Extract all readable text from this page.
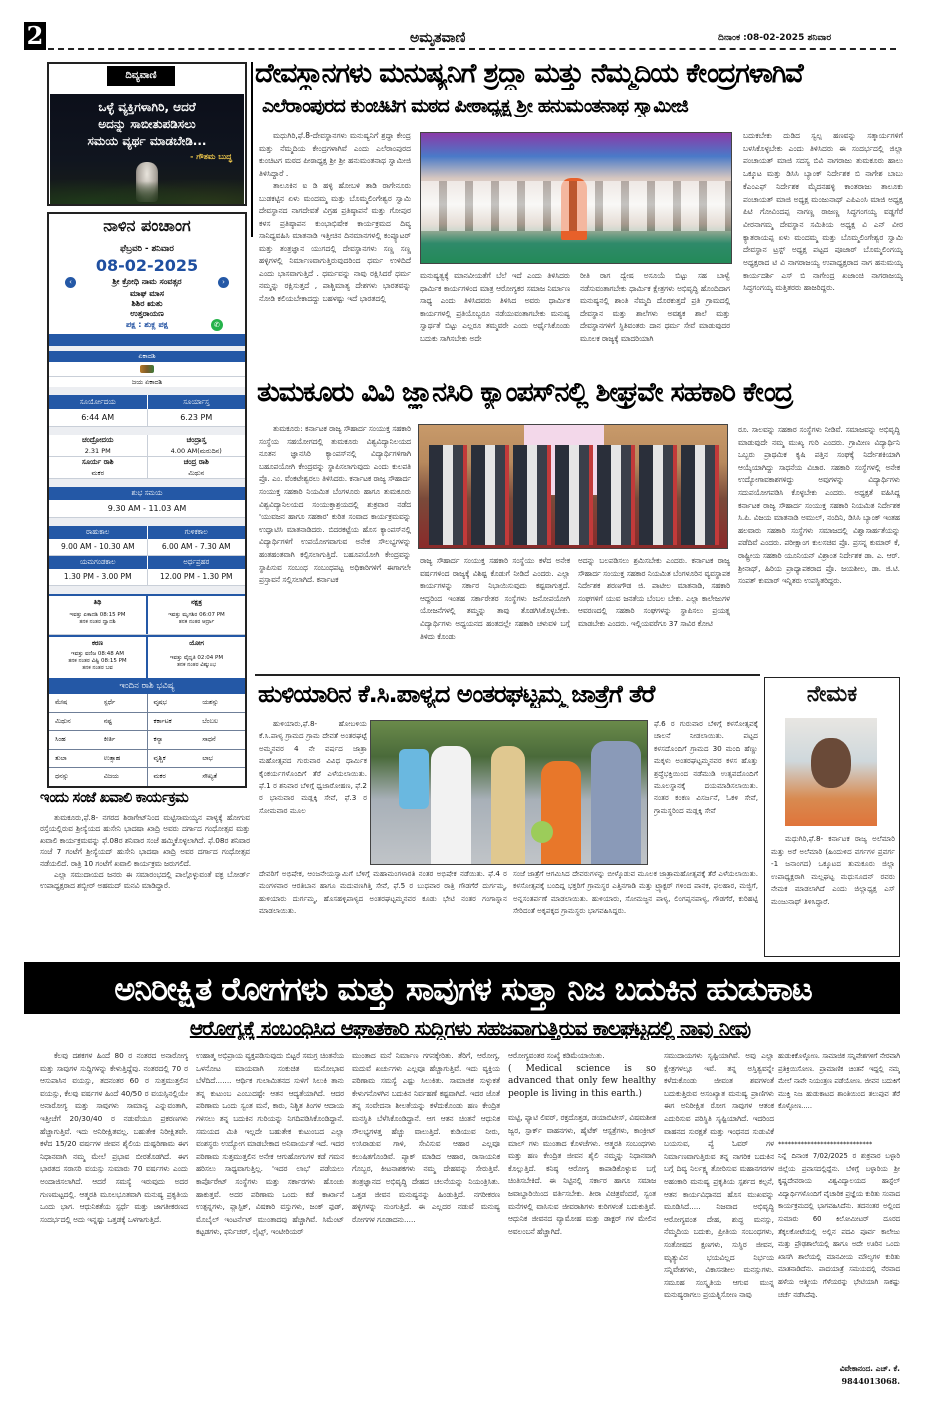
2	ಅಮೃತವಾಣಿ	ದಿನಾಂಕ :08-02-2025 ಶನಿವಾರ
ದಿವ್ಯವಾಣಿ
ಒಳ್ಳೆ ವ್ಯಕ್ತಿಗಳಾಗಿರಿ, ಆದರೆ
ಅದನ್ನು ಸಾಬೀತುಪಡಿಸಲು
ಸಮಯ ವ್ಯರ್ಥ ಮಾಡಬೇಡಿ...
- ಗೌತಮ ಬುದ್ಧ
ನಾಳಿನ ಪಂಚಾಂಗ
ಫೆಬ್ರವರಿ - ಶನಿವಾರ
08-02-2025
‹	ಶ್ರೀ ಕ್ರೋಧಿ ನಾಮ ಸಂವತ್ಸರ	›
ಮಾಘ ಮಾಸ
ಶಿಶಿರ ಋತು
ಉತ್ತರಾಯಣ
ಪಕ್ಷ : ಶುಕ್ಲ ಪಕ್ಷ	✆
ಏಕಾದಶಿ
ಜಯ ಏಕಾದಶಿ
ಸೂರ್ಯೋದಯ	ಸೂರ್ಯಾಸ್ತ
6:44 AM	6.23 PM
ಚಂದ್ರೋದಯ
2.31 PM
ಚಂದ್ರಾಸ್ತ
4.00 AM(ಮರುದಿನ)
ಸೂರ್ಯ ರಾಶಿ
ಮಕರ
ಚಂದ್ರ ರಾಶಿ
ಮಿಥುನ
ಶುಭ ಸಮಯ
9.30 AM - 11.03 AM
ರಾಹುಕಾಲ	ಗುಳಿಕಕಾಲ
9.00 AM - 10.30 AM	6.00 AM - 7.30 AM
ಯಮಗಂಡಕಾಲ	ಅರ್ಧಪ್ರಹರ
1.30 PM - 3.00 PM	12.00 PM - 1.30 PM
ತಿಥಿ
ಇವತ್ತು ಏಕಾದಶಿ 08:15 PM
ತನಕ ನಂತರ ದ್ವಾದಶಿ
ನಕ್ಷತ್ರ
ಇವತ್ತು ಮೃಗಶಿರ 06:07 PM
ತನಕ ನಂತರ ಆರ್ದ್ರಾ
ಕರಣ
ಇವತ್ತು ವಣಿಜ 08:48 AM
ತನಕ ನಂತರ ವಿಷ್ಟಿ 08:15 PM
ತನಕ ನಂತರ ಬವ
ಯೋಗ
ಇವತ್ತು ವೈಧೃತಿ 02:04 PM
ತನಕ ನಂತರ ವಿಷ್ಕುಂಭ
ಇಂದಿನ ರಾಶಿ ಭವಿಷ್ಯ
ಮೇಷ	ಸ್ಪರ್ಧೆ	ವೃಷಭ	ಯಶಸ್ಸು
ಮಿಥುನ	ನಷ್ಟ	ಕರ್ಕಾಟಕ	ಬೆಂಬಲ
ಸಿಂಹ	ಕೀರ್ತಿ	ಕನ್ಯಾ	ಸಾಧನೆ
ತುಲಾ	ಉತ್ಸಾಹ	ವೃಶ್ಚಿಕ	ಲಾಭ
ಧನಸ್ಸು	ವಿಜಯ	ಮಕರ	ಸೌಖ್ಯತೆ
ಇಂದು ಸಂಜೆ ಖವಾಲಿ ಕಾರ್ಯಕ್ರಮ

ತುಮಕೂರು,ಫೆ.8- ನಗರದ ಶಿರಾಗೇಟ್‌ನಿಂದ ಮಟ್ಟಿಸಾಮಯ್ಯನ ಪಾಳ್ಯಕ್ಕೆ ಹೋಗುವ ರಸ್ತೆಯಲ್ಲಿರುವ ಶ್ರೀಸ್ಯೆಯದ ಹುಸೇನಿ ಭಾದಷಾ ಖಾದ್ರಿ ಅವರು ದರ್ಗಾದ ಗಂಧೋತ್ಸವ ಮತ್ತು ಖವಾಲಿ ಕಾರ್ಯಕ್ರಮವನ್ನು ಫೆ.08ರ ಶನಿವಾರ ಸಂಜೆ ಹಮ್ಮಿಕೊಳ್ಳಲಾಗಿದೆ. ಫೆ.08ರ ಶನಿವಾರ ಸಂಜೆ 7 ಗಂಟೆಗೆ ಶ್ರೀಸ್ಯೆಯದ್ ಹುಸೇನಿ ಭಾದಷಾ ಖಾದ್ರಿ ಅವರ ದರ್ಗಾದ ಗಂಧೋತ್ಸವ ನಡೆಯಲಿದೆ. ರಾತ್ರಿ 10 ಗಂಟೆಗೆ ಖವಾಲಿ ಕಾರ್ಯಕ್ರಮ ಜರುಗಲಿದೆ.

ಎಲ್ಲಾ ಸಮುದಾಯದ ಜನರು ಈ ಸಮಾರಂಭದಲ್ಲಿ ಪಾಲ್ಗೊಳ್ಳುವಂತೆ ವಕ್ಫ ಬೋರ್ಡ್ ಉಪಾಧ್ಯಕ್ಷರಾದ ಶಬ್ಬೀರ್ ಅಹಮದ್ ಮನವಿ ಮಾಡಿದ್ದಾರೆ.

ದೇವಸ್ಥಾನಗಳು ಮನುಷ್ಯನಿಗೆ ಶ್ರದ್ಧಾ ಮತ್ತು ನೆಮ್ಮದಿಯ ಕೇಂದ್ರಗಳಾಗಿವೆ
ಎಲೆರಾಂಪುರದ ಕುಂಚಿಟಿಗ ಮಠದ ಪೀಠಾಧ್ಯಕ್ಷ ಶ್ರೀ ಹನುಮಂತನಾಥ ಸ್ವಾಮೀಜಿ

ಮಧುಗಿರಿ,ಫೆ.8-ದೇವಸ್ಥಾನಗಳು ಮನುಷ್ಯನಿಗೆ ಶ್ರದ್ಧಾ ಕೇಂದ್ರ ಮತ್ತು ನೆಮ್ಮದಿಯ ಕೇಂದ್ರಗಳಾಗಿವೆ ಎಂದು ಎಲೆರಾಂಪುರದ ಕುಂಚಿಟಗ ಮಠದ ಪೀಠಾಧ್ಯಕ್ಷ ಶ್ರೀ ಶ್ರೀ ಹನುಮಂತನಾಥ ಸ್ವಾಮೀಜಿ ತಿಳಿಸಿದ್ದಾರೆ .

ತಾಲೂಕಿನ ಐ ಡಿ ಹಳ್ಳಿ ಹೋಬಳಿ ತಾಡಿ ರಾಗೇನೂರು ಬುಡಕಟ್ಟಿನ ಏಳು ಮಂದಮ್ಮ ಮತ್ತು ಬೊಮ್ಮಲಿಂಗೇಶ್ವರ ಸ್ವಾಮಿ ದೇವಸ್ಥಾನದ ನಾಗದೇವತೆ ವಿಗ್ರಹ ಪ್ರತಿಷ್ಠಾಪನೆ ಮತ್ತು ಗೋಪುರ ಕಳಸ ಪ್ರತಿಷ್ಠಾಪನ ಕುಂಭಾಭಿಷೇಕ ಕಾರ್ಯಕ್ರಮದ ದಿವ್ಯ ಸಾನಿಧ್ಯವಹಿಸಿ ಮಾತನಾಡಿ ಇತ್ತೀಚಿನ ದಿನಮಾನಗಳಲ್ಲಿ ಕಂಪ್ಯೂಟರ್ ಮತ್ತು ತಂತ್ರಜ್ಞಾನ ಯುಗದಲ್ಲಿ ದೇವಸ್ಥಾನಗಳು ಸಣ್ಣ ಸಣ್ಣ ಹಳ್ಳಿಗಳಲ್ಲಿ ನಿರ್ಮಾಣವಾಗುತ್ತಿರುವುದರಿಂದ ಧರ್ಮ ಉಳಿದಿದೆ ಎಂದು ಭಾಸವಾಗುತ್ತಿದೆ . ಧರ್ಮವನ್ನು ನಾವು ರಕ್ಷಿಸಿದರೆ ಧರ್ಮ ನಮ್ಮನ್ನು ರಕ್ಷಿಸುತ್ತದೆ , ಪಾಶ್ಚಿಮಾತ್ಯ ದೇಶಗಳು ಭಾರತವನ್ನು ನೋಡಿ ಕಲಿಯಬೇಕಾದದ್ದು ಬಹಳಷ್ಟು ಇದೆ ಭಾರತದಲ್ಲಿ

ಮನುಷ್ಯತ್ವಕ್ಕೆ ಮಾನವೀಯತೆಗೆ ಬೆಲೆ ಇದೆ ಎಂದು ತಿಳಿಸಿದರು ಧಾರ್ಮಿಕ ಕಾರ್ಯಗಳಿಂದ ಮಾತ್ರ ಆರೋಗ್ಯಕರ ಸಮಾಜ ನಿರ್ಮಾಣ ಸಾಧ್ಯ ಎಂದು ತಿಳಿಸಿದವರು ತಿಳಿಸಿದ ಅವರು ಧಾರ್ಮಿಕ ಕಾರ್ಯಗಳಲ್ಲಿ ಪ್ರತಿಯೊಬ್ಬರೂ ನಡೆಯುವಂತಾಗಬೇಕು ಮನುಷ್ಯ ಸ್ವಾರ್ಥತೆ ಬಿಟ್ಟು ಎಲ್ಲರೂ ತಮ್ಮವರೇ ಎಂದು ಅರ್ಥೈಸಿಕೊಂಡು ಬದುಕು ಸಾಗಿಸಬೇಕು ಅದೇ
ರೀತಿ ರಾಗ ದ್ವೇಷ ಅಸೂಯೆ ಬಿಟ್ಟು ಸಹ ಬಾಳ್ವೆ ನಡೆಸುವಂತಾಗಬೇಕು ಧಾರ್ಮಿಕ ಕ್ಷೇತ್ರಗಳು ಅಭಿವೃದ್ಧಿ ಹೊಂದಿದಾಗ ಮನುಷ್ಯನಲ್ಲಿ ಶಾಂತಿ ನೆಮ್ಮದಿ ದೊರಕುತ್ತದೆ ಪ್ರತಿ ಗ್ರಾಮದಲ್ಲಿ ದೇವಸ್ಥಾನ ಮತ್ತು ಶಾಲೆಗಳು ಅವಶ್ಯಕ ಶಾಲೆ ಮತ್ತು ದೇವಸ್ಥಾನಗಳಿಗೆ ಸ್ಥಿತಿವಂತರು ದಾನ ಧರ್ಮ ಸೇವೆ ಮಾಡುವುದರ ಮೂಲಕ ರಾಜ್ಯಕ್ಕೆ ಮಾದರಿಯಾಗಿ
ಬದುಕಬೇಕು ದುಡಿದ ಸ್ವಲ್ಪ ಹಣವನ್ನು ಸತ್ಕಾರ್ಯಗಳಿಗೆ ಬಳಸಿಕೊಳ್ಳಬೇಕು ಎಂದು ತಿಳಿಸಿದರು ಈ ಸಂದರ್ಭದಲ್ಲಿ ಜಿಲ್ಲಾ ಪಂಚಾಯತ್ ಮಾಜಿ ಸದಸ್ಯ ಬಿವಿ ನಾಗರಾಜು ತುಮಕೂರು ಹಾಲು ಒಕ್ಕೂಟ ಮತ್ತು ಡಿಸಿಸಿ ಬ್ಯಾಂಕ್ ನಿರ್ದೇಶಕ ಬಿ ನಾಗೇಶ ಬಾಬು ಕೆಎಂಎಫ್ ನಿರ್ದೇಶಕ ಮೈದನಹಳ್ಳಿ ಕಾಂತರಾಜು ತಾಲೂಕು ಪಂಚಾಯತ್ ಮಾಜಿ ಅಧ್ಯಕ್ಷ ಮಂಜುನಾಥ್ ಎಪಿಎಂಸಿ ಮಾಜಿ ಅಧ್ಯಕ್ಷ ಪಿಟಿ ಗೋವಿಂದಪ್ಪ ನಾಗಣ್ಣ ರಾಜಣ್ಣ ಸಿದ್ಧಗಂಗಯ್ಯ ವಡ್ಡಗೆರೆ ವೀರನಾಗಮ್ಮ ದೇವಸ್ಥಾನ ಸಮಿತಿಯ ಅಧ್ಯಕ್ಷ ವಿ ಎನ್ ವೀರ ಕ್ಯಾತರಾಯಪ್ಪ ಏಳು ಮಂದಮ್ಮ ಮತ್ತು ಬೊಮ್ಮಲಿಂಗೇಶ್ವರ ಸ್ವಾಮಿ ದೇವಸ್ಥಾನ ಟ್ರಸ್ಟ್ ಅಧ್ಯಕ್ಷ ಪಟ್ಟದ ಪೂಜಾರ್ ಬೊಮ್ಮಲಿಂಗಯ್ಯ ಅಧ್ಯಕ್ಷರಾದ ಟಿ ವಿ ನಾಗರಾಜಯ್ಯ ಉಪಾಧ್ಯಕ್ಷರಾದ ನಾಗ ಹನುಮಯ್ಯ ಕಾರ್ಯದರ್ಶಿ ಎಸ್ ಬಿ ನಾಗೇಂದ್ರ ಖಜಾಂಚಿ ನಾಗರಾಜಯ್ಯ ಸಿದ್ಧಗಂಗಯ್ಯ ಮತ್ತಿತರರು ಹಾಜರಿದ್ದರು.
ತುಮಕೂರು ವಿವಿ ಜ್ಞಾನಸಿರಿ ಕ್ಯಾಂಪಸ್‌ನಲ್ಲಿ ಶೀಘ್ರವೇ ಸಹಕಾರಿ ಕೇಂದ್ರ
ತುಮಕೂರು: ಕರ್ನಾಟಕ ರಾಜ್ಯ ಸೌಹಾರ್ದ ಸಂಯುಕ್ತ ಸಹಕಾರಿ ಸಂಸ್ಥೆಯ ಸಹಯೋಗದಲ್ಲಿ ತುಮಕೂರು ವಿಶ್ವವಿದ್ಯಾನಿಲಯದ ನೂತನ ಜ್ಞಾನಸಿರಿ ಕ್ಯಾಂಪಸ್‌ನಲ್ಲಿ ವಿದ್ಯಾರ್ಥಿಗಳಿಗಾಗಿ ಬಹೂಪಯೋಗಿ ಕೇಂದ್ರವನ್ನು ಸ್ಥಾಪಿಸಲಾಗುವುದು ಎಂದು ಕುಲಪತಿ ಪ್ರೊ. ಎಂ. ವೆಂಕಟೇಶ್ವರಲು ತಿಳಿಸಿದರು. ಕರ್ನಾಟಕ ರಾಜ್ಯ ಸೌಹಾರ್ದ ಸಂಯುಕ್ತ ಸಹಕಾರಿ ನಿಯಮಿತ ಬೆಂಗಳೂರು ಹಾಗೂ ತುಮಕೂರು ವಿಶ್ವವಿದ್ಯಾನಿಲಯದ ಸಂಯುಕ್ತಾಶ್ರಯದಲ್ಲಿ ಶುಕ್ರವಾರ ನಡೆದ 'ಯುವಜನ ಹಾಗೂ ಸಹಕಾರ' ಕುರಿತ ಸಂವಾದ ಕಾರ್ಯಕ್ರಮವನ್ನು ಉದ್ಘಾಟಿಸಿ ಮಾತನಾಡಿದರು. ಬಿದರಕಟ್ಟೆಯ ಹೊಸ ಕ್ಯಾಂಪಸ್‌ನಲ್ಲಿ ವಿದ್ಯಾರ್ಥಿಗಳಿಗೆ ಉಪಯೋಗವಾಗುವ ಅನೇಕ ಸೌಲಭ್ಯಗಳನ್ನು ಹಂತಹಂತವಾಗಿ ಕಲ್ಪಿಸಲಾಗುತ್ತಿದೆ. ಬಹೂಪಯೋಗಿ ಕೇಂದ್ರವನ್ನು ಸ್ಥಾಪಿಸುವ ಸಂಬಂಧ ಸಂಬಂಧಪಟ್ಟ ಅಧಿಕಾರಿಗಳಿಗೆ ಈಗಾಗಲೇ ಪ್ರಸ್ತಾವನೆ ಸಲ್ಲಿಸಲಾಗಿದೆ. ಕರ್ನಾಟಕ
ರಾಜ್ಯ ಸೌಹಾರ್ದ ಸಂಯುಕ್ತ ಸಹಕಾರಿ ಸಂಸ್ಥೆಯು ಕಳೆದ ಅನೇಕ ವರ್ಷಗಳಿಂದ ರಾಜ್ಯಕ್ಕೆ ವಿಶಿಷ್ಟ ಕೊಡುಗೆ ನೀಡಿದೆ ಎಂದರು. ಎಲ್ಲಾ ಕಾರ್ಯಗಳನ್ನು ಸರ್ಕಾರ ನಿಭಾಯಿಸುವುದು ಕಷ್ಟವಾಗುತ್ತದೆ. ಆದ್ದರಿಂದ ಇಂತಹ ಸರ್ಕಾರೇತರ ಸಂಸ್ಥೆಗಳು ಜನೋಪಯೋಗಿ ಯೋಜನೆಗಳಲ್ಲಿ ತಮ್ಮನ್ನು ತಾವು ತೊಡಗಿಸಿಕೊಳ್ಳಬೇಕು. ವಿದ್ಯಾರ್ಥಿಗಳು ಅಧ್ಯಯನದ ಹಂತದಲ್ಲೇ ಸಹಕಾರಿ ಚಳುವಳಿ ಬಗ್ಗೆ ತಿಳಿದು ಕೊಂಡು
ಅದನ್ನು ಬಲಪಡಿಸಲು ಶ್ರಮಿಸಬೇಕು ಎಂದರು. ಕರ್ನಾಟಕ ರಾಜ್ಯ ಸೌಹಾರ್ದ ಸಂಯುಕ್ತ ಸಹಕಾರ ನಿಯಮಿತ ಬೆಂಗಳೂರಿನ ವ್ಯವಸ್ಥಾಪಕ ನಿರ್ದೇಶಕ ಶರಣಗೌಡ ಜಿ. ಪಾಟೀಲ ಮಾತನಾಡಿ, ಸಹಕಾರಿ ಸಂಘಗಳಿಗೆ ಯುವ ಜನತೆಯ ಬೆಂಬಲ ಬೇಕು. ಎಲ್ಲಾ ಕಾಲೇಜುಗಳ ಆವರಣದಲ್ಲಿ ಸಹಕಾರಿ ಸಂಘಗಳನ್ನು ಸ್ಥಾಪಿಸಲು ಪ್ರಯತ್ನ ಮಾಡಬೇಕು ಎಂದರು. ಇಲ್ಲಿಯವರೆಗೂ 37 ಸಾವಿರ ಕೋಟಿ
ರೂ. ಸಾಲವನ್ನು ಸಹಕಾರ ಸಂಸ್ಥೆಗಳು ನೀಡಿವೆ. ಸಮಾಜವನ್ನು ಅಭಿವೃದ್ಧಿ ಮಾಡುವುದೇ ನಮ್ಮ ಮುಖ್ಯ ಗುರಿ ಎಂದರು. ಗ್ರಾಮೀಣ ವಿದ್ಯಾರ್ಥಿನಿ ಒಬ್ಬರು ಪ್ರಾಥಮಿಕ ಕೃಷಿ ಪತ್ತಿನ ಸಂಘಕ್ಕೆ ನಿರ್ದೇಶಕಿಯಾಗಿ ಆಯ್ಕೆಯಾಗಿದ್ದು ಸಾಧನೆಯ ವಿಚಾರ. ಸಹಕಾರಿ ಸಂಸ್ಥೆಗಳಲ್ಲಿ ಅನೇಕ ಉದ್ಯೋಗಾವಕಾಶಗಳಿದ್ದು ಅವುಗಳನ್ನು ವಿದ್ಯಾರ್ಥಿಗಳು ಸದುಪಯೋಗಪಡಿಸಿ ಕೊಳ್ಳಬೇಕು ಎಂದರು. ಅಧ್ಯಕ್ಷತೆ ವಹಿಸಿದ್ದ ಕರ್ನಾಟಕ ರಾಜ್ಯ ಸೌಹಾರ್ದ ಸಂಯುಕ್ತ ಸಹಕಾರಿ ನಿಯಮಿತ ನಿರ್ದೇಶಕ ಸಿ.ಪಿ. ವಿಜಯ ಮಾತನಾಡಿ ಅಮುಲ್, ನಂದಿನಿ, ಡಿಸಿಸಿ ಬ್ಯಾಂಕ್ ಇಂತಹ ಹಲವಾರು ಸಹಕಾರಿ ಸಂಸ್ಥೆಗಳು ಸಮಾಜದಲ್ಲಿ ವಿಶ್ವಾಸಾರ್ಹತೆಯನ್ನು ಪಡೆದಿವೆ ಎಂದರು. ಪರೀಕ್ಷಾಂಗ ಕುಲಸಚಿವ ಪ್ರೊ. ಪ್ರಸನ್ನ ಕುಮಾರ್ ಕೆ, ರಾಷ್ಟ್ರೀಯ ಸಹಕಾರಿ ಯೂನಿಯನ್ ವಿಶ್ರಾಂತ ನಿರ್ದೇಶಕ ಡಾ. ಎ. ಆರ್. ಶ್ರೀನಾಥ್, ಹಿರಿಯ ಪ್ರಾಧ್ಯಾಪಕರಾದ ಪ್ರೊ. ಜಯಶೀಲ, ಡಾ. ಜಿ.ಟಿ. ಸಂಪತ್ ಕುಮಾರ್ ಇನ್ನಿತರು ಉಪಸ್ಥಿತರಿದ್ದರು.
ಹುಳಿಯಾರಿನ ಕೆ.ಸಿ.ಪಾಳ್ಯದ ಅಂತರಘಟ್ಟಮ್ಮ ಜಾತ್ರೆಗೆ ತೆರೆ
ಹುಳಿಯಾರು,ಫೆ.8- ಹೋಬಳಿಯ ಕೆ.ಸಿ.ಪಾಳ್ಯ ಗ್ರಾಮದ ಗ್ರಾಮ ದೇವತೆ ಅಂತರಘಟ್ಟೆ ಅಮ್ಮನವರ 4 ನೇ ವರ್ಷದ ಜಾತ್ರಾ ಮಹೋತ್ಸವದ ಗುರುವಾರ ವಿವಿಧ ಧಾರ್ಮಿಕ ಕೈಂಕರ್ಯಗಳೊಂದಿಗೆ ತೆರೆ ಎಳೆಯಲಾಯಿತು. ಫೆ.1 ರ ಶನಿವಾರ ಬೆಳಿಗ್ಗೆ ಧ್ವಜಾರೋಹಣ, ಫೆ.2 ರ ಭಾನುವಾರ ಮಡ್ಲಕ್ಕಿ ಸೇವೆ, ಫೆ.3 ರ ಸೋಮವಾರ ಮೂಲ
ಫೆ.6 ರ ಗುರುವಾರ ಬೆಳಿಗ್ಗೆ ಕಳಸೋತ್ಸವಕ್ಕೆ ಚಾಲನೆ ನೀಡಲಾಯಿತು. ಪಟ್ಟದ ಕಳಸದೊಂದಿಗೆ ಗ್ರಾಮದ 30 ಮಂದಿ ಹೆಣ್ಣು ಮಕ್ಕಳು ಅಂತರಘಟ್ಟಮ್ಮನವರ ಕಳಸ ಹೊತ್ತು ಶ್ರದ್ಧೆಭಕ್ತಿಯಿಂದ ನಡೆಮುಡಿ ಉತ್ಸವದೊಂದಿಗೆ ಮೂಲಸ್ಥಾನಕ್ಕೆ ದಯಮಾಡಿಸಲಾಯಿತು. ನಂತರ ಕಂಕಣ ವಿಸರ್ಜನೆ, ಓಕಳಿ ಸೇವೆ, ಗ್ರಾಮಸ್ಥರಿಂದ ಮಡ್ಲಕ್ಕಿ ಸೇವೆ
ದೇವರಿಗೆ ಅಭಿಷೇಕ, ಆಂಜನೇಯಸ್ವಾಮಿಗೆ ಬೆಳಿಗ್ಗೆ ಮಹಾಮಂಗಳಾರತಿ ನಂತರ ಅಭಿಷೇಕ ನಡೆಯಿತು. ಫೆ.4 ರ ಮಂಗಳವಾರ ಆರತಿಬಾನ ಹಾಗೂ ಮದುವಣಗಿತ್ತಿ ಸೇವೆ, ಫೆ.5 ರ ಬುಧವಾರ ರಾತ್ರಿ ಗೌಡಗೆರೆ ದುರ್ಗಮ್ಮ, ಹುಳಿಯಾರು ದುರ್ಗಮ್ಮ, ಹೊಸಹಳ್ಳಿಪಾಳ್ಯದ ಅಂತರಘಟ್ಟಮ್ಮನವರ ಕೂಡು ಭೇಟಿ ನಂತರ ಗಂಗಾಸ್ನಾನ ಮಾಡಲಾಯಿತು.
ಸಂಜೆ ಜಾತ್ರೆಗೆ ಆಗಮಿಸಿದ ದೇವರುಗಳನ್ನು ಬೀಳ್ಕೊಡುವ ಮೂಲಕ ಜಾತ್ರಾಮಹೋತ್ಸವಕ್ಕೆ ತೆರೆ ಎಳೆಯಲಾಯಿತು. ಕಳಸೋತ್ಸವಕ್ಕೆ ಬಂದಿದ್ದ ಭಕ್ತರಿಗೆ ಗ್ರಾಮಸ್ಥರ ಎತ್ತಿನಗಾಡಿ ಮತ್ತು ಟ್ರ್ಯಾಕ್ಟರ್ ಗಳಿಂದ ಪಾನಕ, ಫಲಹಾರ, ಮಜ್ಜಿಗೆ, ಅನ್ನಸಂತರ್ಪಣೆ ಮಾಡಲಾಯಿತು. ಹುಳಿಯಾರು, ಸೋಮಜ್ಜನ ಪಾಳ್ಯ, ಲಿಂಗಪ್ಪನಪಾಳ್ಯ, ಗೌಡಗೆರೆ, ಕುರಿಹಟ್ಟಿ ಸೇರಿದಂತೆ ಅಕ್ಕಪಕ್ಕದ ಗ್ರಾಮಸ್ಥರು ಭಾಗವಹಿಸಿದ್ದರು.
ನೇಮಕ
ಮಧುಗಿರಿ,ಫೆ.8- ಕರ್ನಾಟಕ ರಾಜ್ಯ ಅಲೆಮಾರಿ ಮತ್ತು ಅರೆ ಅಲೆಮಾರಿ (ಹಿಂದುಳಿದ ವರ್ಗಗಳ ಪ್ರವರ್ಗ -1 ಜನಾಂಗದ) ಒಕ್ಕೂಟದ ತುಮಕೂರು ಜಿಲ್ಲಾ ಉಪಾಧ್ಯಕ್ಷರಾಗಿ ಮಲ್ಲಘಟ್ಟ ಮಧುಸೂದನ್ ರವರು ನೇಮಕ ಮಾಡಲಾಗಿದೆ ಎಂದು ಜಿಲ್ಲಾಧ್ಯಕ್ಷ ಎಸ್ ಮಂಜುನಾಥ್ ತಿಳಿಸಿದ್ದಾರೆ.
ಅನಿರೀಕ್ಷಿತ ರೋಗಗಳು ಮತ್ತು ಸಾವುಗಳ ಸುತ್ತಾ ನಿಜ ಬದುಕಿನ ಹುಡುಕಾಟ
ಆರೋಗ್ಯಕ್ಕೆ ಸಂಬಂಧಿಸಿದ ಆಘಾತಕಾರಿ ಸುದ್ದಿಗಳು ಸಹಜವಾಗುತ್ತಿರುವ ಕಾಲಘಟ್ಟದಲ್ಲಿ ನಾವು ನೀವು
ಕೆಲವು ದಶಕಗಳ ಹಿಂದೆ 80 ರ ನಂತರದ ಅನಾರೋಗ್ಯ ಮತ್ತು ಸಾವುಗಳ ಸುದ್ದಿಗಳನ್ನು ಕೇಳುತ್ತಿದ್ದೆವು. ನಂತರದಲ್ಲಿ 70 ರ ಆಸುಪಾಸಿನ ವಯಸ್ಸು, ತದನಂತರ 60 ರ ಸುತ್ತಮುತ್ತಲಿನ ವಯಸ್ಸು, ಕೆಲವು ವರ್ಷಗಳ ಹಿಂದೆ 40/50 ರ ವಯಸ್ಸಿನಲ್ಲಿಯೇ ಅನಾರೋಗ್ಯ ಮತ್ತು ಸಾವುಗಳು ಸಾಮಾನ್ಯ ಎನ್ನುವಂತಾಗಿ, ಇತ್ತೀಚೆಗೆ 20/30/40 ರ ನಡುವೆಯೂ ಪ್ರಕರಣಗಳು ಹೆಚ್ಚಾಗುತ್ತಿವೆ. ಇದು ಅನಿರೀಕ್ಷಿತವಲ್ಲ. ಬಹುತೇಕ ನಿರೀಕ್ಷಿತವೇ. ಕಳೆದ 15/20 ವರ್ಷಗಳ ಜೀವನ ಶೈಲಿಯ ದುಷ್ಪರಿಣಾಮ ಈಗ ನಿಧಾನವಾಗಿ ನಮ್ಮ ಮೇಲೆ ಪ್ರಭಾವ ಬೀರತೊಡಗಿದೆ. ಈಗ ಭಾರತದ ಸರಾಸರಿ ವಯಸ್ಸು ಸುಮಾರು 70 ವರ್ಷಗಳು ಎಂದು ಅಂದಾಜಿಸಲಾಗಿದೆ. ಆದರೆ ಸಮಸ್ಯೆ ಇರುವುದು ಅದರ ಗುಣಮಟ್ಟದಲ್ಲಿ. ಆತ್ಮರತಿ ಮೂಲಭೂತವಾಗಿ ಮನುಷ್ಯ ಪ್ರಕೃತಿಯ ಒಂದು ಭಾಗ. ಆಧುನಿಕತೆಯ ಸ್ಪರ್ಧೆ ಮತ್ತು ಜಾಗತೀಕರಣದ ಸಂದರ್ಭದಲ್ಲಿ ಅದು ಇನ್ನಷ್ಟು ಒತ್ತಡಕ್ಕೆ ಒಳಗಾಗುತ್ತಿದೆ.
ಉಹಾತ್ಮ ಅಭಿಪ್ರಾಯ ವ್ಯಕ್ತಪಡಿಸುವುದು ಬಿಟ್ಟರೆ ಸಮಗ್ರ ಚಿಂತನೆಯ ಒಳನೋಟ ಮಾಯವಾಗಿ ಸಂಕುಚಿತ ಮನೋಭಾವ ಬೆಳೆದಿದೆ....... ಆರ್ಥಿಕ ಗುಲಾಮಿತನದ ಸುಳಿಗೆ ಸಿಲುಕಿ ತಾನು ತನ್ನ ಕುಟುಂಬ ಎಂಬುದಷ್ಟೇ ಆತನ ಆದ್ಯತೆಯಾಗಿದೆ. ಆದರ ಪರಿಣಾಮ ಒಂದು ಸ್ವಂತ ಮನೆ, ಕಾರು, ನಿಶ್ಚಿತ ತಿಂಗಳ ಆದಾಯ ಗಳಿಸಲು ತನ್ನ ಬದುಕಿನ ಗುರಿಯನ್ನು ನಿಗದಿಪಡಿಸಿಕೊಂಡಿದ್ದಾನೆ. ಸಮಯದ ಮಿತಿ ಇಲ್ಲದೇ ಬಹುತೇಕ ಕುಟುಂಬದ ಎಲ್ಲಾ ವಂಶಸ್ಥರು ಉದ್ಯೋಗ ಮಾಡಬೇಕಾದ ಅನಿವಾರ್ಯತೆ ಇದೆ. ಇದರ ಪರಿಣಾಮ ಸುತ್ತಮುತ್ತಲಿನ ಅನೇಕ ಆಗುಹೋಗುಗಳ ಕಡೆ ಗಮನ ಹರಿಸಲು ಸಾಧ್ಯವಾಗುತ್ತಿಲ್ಲ. 'ಇದರ ಲಾಭ' ಪಡೆಯಲು ಕಾರ್ಪೊರೇಟ್ ಸಂಸ್ಥೆಗಳು ಮತ್ತು ಸರ್ಕಾರಗಳು ಹೊಂಚು ಹಾಕುತ್ತವೆ. ಅದರ ಪರಿಣಾಮ ಒಂದು ಕಡೆ ಕಾರ್ಖಾನೆ ಉತ್ಪನ್ನಗಳು, ಪ್ಲಾಸ್ಟಿಕ್, ವಿಷಕಾರಿ ವಸ್ತುಗಳು, ಜಂಕ್ ಫುಡ್, ಮೊಬೈಲ್ ಇಂಟರ್ನೆಟ್ ಮುಂತಾದವು ಹೆಚ್ಚಾಗಿವೆ. ಸಿಮೆಂಟ್ ಕಟ್ಟಡಗಳು, ಫರ್ನಿಚರ್, ಲೈಟ್ಸ್, ಇಂಟೀರಿಯರ್
ಮುಂತಾದ ಮನೆ ನಿರ್ಮಾಣ ಗಗನಕ್ಕೇರಿತು. ತೆರಿಗೆ, ಆರೋಗ್ಯ, ಮದುವೆ ಖರ್ಚುಗಳು ಎಲ್ಲವೂ ಹೆಚ್ಚಾಗುತ್ತಿವೆ. ಇದು ವ್ಯಕ್ತಿಯ ಪರಿಣಾಮ ಸಮಸ್ಯೆ ಎಷ್ಟು ಸಿಲುಕಿತು. ಸಾಮಾಜಿಕ ಸುಳ್ಳುಕತೆ ಕೇಳುಗನೊಳಗಿನ ಬದುಕಿನ ನಿರ್ವಹಣೆ ಕಷ್ಟವಾಗಿದೆ. ಇದರ ಜೊತೆ ತನ್ನ ಸಂವೇದನಾ ಶೀಲತೆಯನ್ನು ಕಳೆದುಕೊಂಡು ಹಣ ಕೇಂದ್ರಿತ ಮನಸ್ಥಿತಿ ಬೆಳೆಸಿಕೊಂಡಿದ್ದಾನೆ. ಆಗ ಆತನ ಚಿಂತನೆ ಆಧುನಿಕ ಸೌಲಭ್ಯಗಳತ್ತ ಹೆಚ್ಚು ವಾಲುತ್ತಿದೆ. ಕುಡಿಯುವ ನೀರು, ಉಸಿರಾಡುವ ಗಾಳಿ, ಸೇವಿಸುವ ಆಹಾರ ಎಲ್ಲವೂ ಕಲುಷಿತಗೊಂಡಿವೆ. ಪ್ಯಾಕ್ ಮಾಡಿದ ಆಹಾರ, ರಾಸಾಯನಿಕ ಗೊಬ್ಬರ, ಕೀಟನಾಶಕಗಳು ನಮ್ಮ ದೇಹವನ್ನು ಸೇರುತ್ತಿವೆ. ತಂತ್ರಜ್ಞಾನದ ಅಭಿವೃದ್ಧಿ ದೇಹದ ಚಲನೆಯನ್ನು ನಿಯಂತ್ರಿಸಿತು. ಒತ್ತಡ ಜೀವನ ಮನುಷ್ಯನನ್ನು ಹಿಂಡುತ್ತಿದೆ. ನಗರೀಕರಣ ಹಳ್ಳಿಗಳನ್ನು ನುಂಗುತ್ತಿದೆ. ಈ ಎಲ್ಲದರ ನಡುವೆ ಮನುಷ್ಯ ರೋಗಗಳ ಗೂಡಾದನು.....
ಆರೋಗ್ಯವಂತರ ಸಂಖ್ಯೆ ಕಡಿಮೆಯಾಯಿತು.
( Medical science is so advanced that only few healthy people is living in this earth.)
ಮಟ್ಟಿ, ಫ್ಯಾಟಿ ಲಿವರ್, ರಕ್ತದೊತ್ತಡ, ಡಯಾಬಿಟೀಸ್, ವಿಷಮಶೀತ ಜ್ವರ, ಸ್ಪಾರ್ಕ್ ವಾಹನಗಳು, ಹೈಟೆಕ್ ಆಸ್ಪತ್ರೆಗಳು, ಕಾಂಕ್ರೀಟ್ ಮಾಲ್ ಗಳು ಮುಂತಾದ ಕೊಳಚೆಗಳು. ಆತ್ಮರತಿ ಸಂಬಂಧಗಳು ಮತ್ತು ಹಣ ಕೇಂದ್ರಿತ ಜೀವನ ಶೈಲಿ ನಮ್ಮನ್ನು ನಿಧಾನವಾಗಿ ಕೊಲ್ಲುತ್ತಿದೆ. ಕನಿಷ್ಠ ಆರೋಗ್ಯ ಕಾಪಾಡಿಕೊಳ್ಳುವ ಬಗ್ಗೆ ಚಿಂತಿಸಬೇಕಿದೆ. ಈ ನಿಟ್ಟಿನಲ್ಲಿ ಸರ್ಕಾರ ಹಾಗೂ ಸಮಾಜ ಜವಾಬ್ದಾರಿಯಿಂದ ವರ್ತಿಸಬೇಕು. ತೀರಾ ವಿಚಿತ್ರವೆಂದರೆ, ಸ್ವಂತ ಮನೆಗಳಲ್ಲಿ ವಾಸಿಸುವ ಜೀವರಾಶಿಗಳು ಕುರಿಗಳಂತೆ ಬದುಕುತ್ತಿವೆ. ಆಧುನಿಕ ಜೀವನದ ವ್ಯಾಮೋಹ ಮತ್ತು ಡಾಕ್ಟರ್ ಗಳ ಮೇಲಿನ ಅವಲಂಬನೆ ಹೆಚ್ಚಾಗಿದೆ.
ಸಮುದಾಯಗಳು ಸೃಷ್ಟಿಯಾಗಿವೆ. ಅವು ಎಲ್ಲಾ ಕ್ಷೇತ್ರಗಳಲ್ಲೂ ಇವೆ. ತನ್ನ ಅಸ್ತಿತ್ವವನ್ನೇ ಕಳೆದುಕೊಂಡು ಜೀವಂತ ಶವಗಳಂತೆ ಬದುಕುತ್ತಿರುವ ಅಸಂಖ್ಯಾತ ಮನುಷ್ಯ ಪ್ರಾಣಿಗಳು ಈಗ ಅನಿರೀಕ್ಷಿತ ರೋಗ ಸಾವುಗಳ ಆತಂಕ ಎದುರಿಸುವ ಪರಿಸ್ಥಿತಿ ಸೃಷ್ಟಿಯಾಗಿದೆ. ಇದರಿಂದ ವಾಹನದ ಸುರಕ್ಷತೆ ಮತ್ತು ಇಂಧನದ ಸುಡುವಿಕೆ ಬಯಸುವ, ಪ್ಯೆ ಓವರ್ ಗಳ ನಿರ್ಮಾಣವಾಗುತ್ತಿರುವ ತನ್ನ ನಾಗರಿಕ ಬದುಕಿನ ಬಗ್ಗೆ ದಿವ್ಯ ನಿರ್ಲಕ್ಷ್ಯ ತೋರಿಸುವ ಮಹಾನಗರಗಳ ಅಹಂಕಾರಿ ಮನುಷ್ಯ ಪ್ರಕೃತಿಯ ಸ್ಪರ್ಶದ ಕಲ್ಪನೆ, ಆತನ ಕಾರ್ಯವಿಧಾನದ ಹೊಸ ಮುಖವನ್ನು ಮೂಡಿಸಿದೆ..... ನಿಜವಾದ ಅಭಿವೃದ್ಧಿ ಆರೋಗ್ಯವಂತ ದೇಹ, ಶುದ್ಧ ಮನಸ್ಸು, ನೆಮ್ಮದಿಯ ಬದುಕು, ಪ್ರೀತಿಯ ಸಂಬಂಧಗಳು, ಸಂತೋಷದ ಕ್ಷಣಗಳು, ಸುಸ್ಥಿರ ಜೀವನ, ಮೃತ್ಯುವಿನ ಭಯವಿಲ್ಲದ ನಿರ್ಭಯ ಸನ್ನಿವೇಶಗಳು, ವಿಕಾಸನಶೀಲ ಮನಸ್ಸುಗಳು. ಸಮೂಹ ಸಂಸ್ಕೃತಿಯ ಆಗುವ ಮುನ್ನ ಮನುಷ್ಯರಾಗಲು ಪ್ರಯತ್ನಿಸೋಣ ನಾವು
ಹುಡುಕಿಕೊಳ್ಳೋಣ. ಸಾಮಾಜಿಕ ಸನ್ನಿವೇಶಗಳಿಗೆ ನೇರವಾಗಿ ಪ್ರತಿಕ್ರಿಯಿಸೋಣ. ಪ್ರಾಮಾಣಿಕ ಚಿಂತನೆ ಇದ್ದಲ್ಲಿ ನಮ್ಮ ಮೇಲೆ ನಾವೇ ನಿಯಂತ್ರಣ ಪಡೆಯೋಣ. ಜೀವನ ಬದುಕಿಗೆ ಮುಕ್ತಿ ನಿಜ ಹುಡುಕಾಟದ ಶಾಂತಿಯಿಂದ ತಲುಪುವ ತೆರೆ ಕೊಳ್ಳೋಣ.....
*****************************
ನಿನ್ನೆ ದಿನಾಂಕ 7/02/2025 ರ ಶುಕ್ರವಾರ ಬಳ್ಳಾರಿ ಜಿಲ್ಲೆಯ ಪ್ರವಾಸದಲ್ಲಿದ್ದೆನು. ಬೆಳಿಗ್ಗೆ ಬಳ್ಳಾರಿಯ ಶ್ರೀ ಕೃಷ್ಣದೇವರಾಯ ವಿಶ್ವವಿದ್ಯಾಲಯದ ಹಾಸ್ಟೆಲ್ ವಿದ್ಯಾರ್ಥಿಗಳೊಂದಿಗೆ ವೈಚಾರಿಕ ಪ್ರಜ್ಞೆಯ ಕುರಿತು ಸಂವಾದ ಕಾರ್ಯಕ್ರಮದಲ್ಲಿ ಭಾಗವಹಿಸಿದೆನು. ತದನಂತರ ಅಲ್ಲಿಂದ ಸುಮಾರು 60 ಕಿಲೋಮೀಟರ್ ದೂರದ ತೆಕ್ಕಲಕೋಟೆಯಲ್ಲಿ ಅಲ್ಲಿನ ಪದವಿ ಪೂರ್ವ ಕಾಲೇಜು ಮತ್ತು ಪ್ರೌಢಶಾಲೆಯಲ್ಲಿ ಹಾಗೂ ಅದೇ ಊರಿನ ಒಂದು ಖಾಸಗಿ ಶಾಲೆಯಲ್ಲಿ ಮಾನವೀಯ ಮೌಲ್ಯಗಳ ಕುರಿತು ಮಾತನಾಡಿದೆನು. ಪಾದಯಾತ್ರೆ ಸಮಯದಲ್ಲಿ ನೆರವಾದ ಹಳೆಯ ಆತ್ಮೀಯ ಗೆಳೆಯರನ್ನು ಭೇಟಿಯಾಗಿ ಸಾಕಷ್ಟು ಚರ್ಚೆ ನಡೆಸಿದೆವು.
ವಿವೇಕಾನಂದ. ಎಚ್. ಕೆ.
9844013068.
